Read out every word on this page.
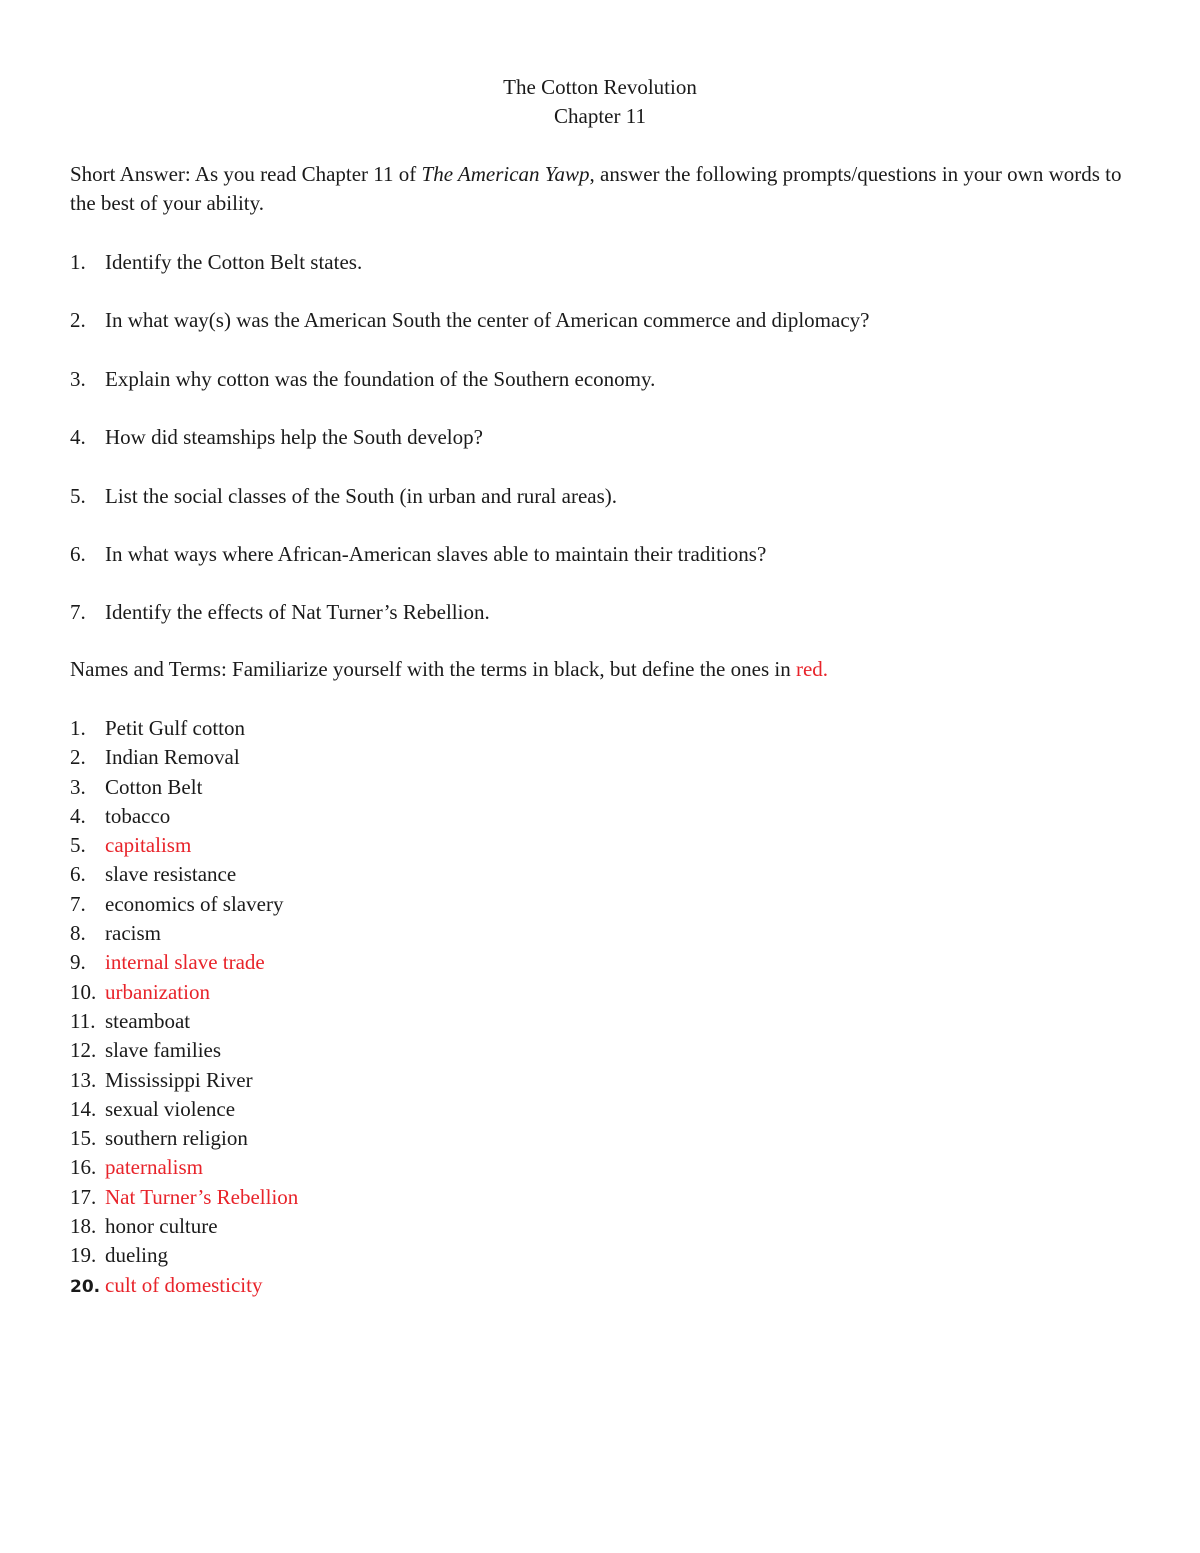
The Cotton Revolution
Chapter 11
Short Answer: As you read Chapter 11 of The American Yawp, answer the following prompts/questions in your own words to the best of your ability.
1. Identify the Cotton Belt states.
2. In what way(s) was the American South the center of American commerce and diplomacy?
3. Explain why cotton was the foundation of the Southern economy.
4. How did steamships help the South develop?
5. List the social classes of the South (in urban and rural areas).
6. In what ways where African-American slaves able to maintain their traditions?
7. Identify the effects of Nat Turner’s Rebellion.
Names and Terms: Familiarize yourself with the terms in black, but define the ones in red.
1. Petit Gulf cotton
2. Indian Removal
3. Cotton Belt
4. tobacco
5. capitalism
6. slave resistance
7. economics of slavery
8. racism
9. internal slave trade
10. urbanization
11. steamboat
12. slave families
13. Mississippi River
14. sexual violence
15. southern religion
16. paternalism
17. Nat Turner’s Rebellion
18. honor culture
19. dueling
20. cult of domesticity
